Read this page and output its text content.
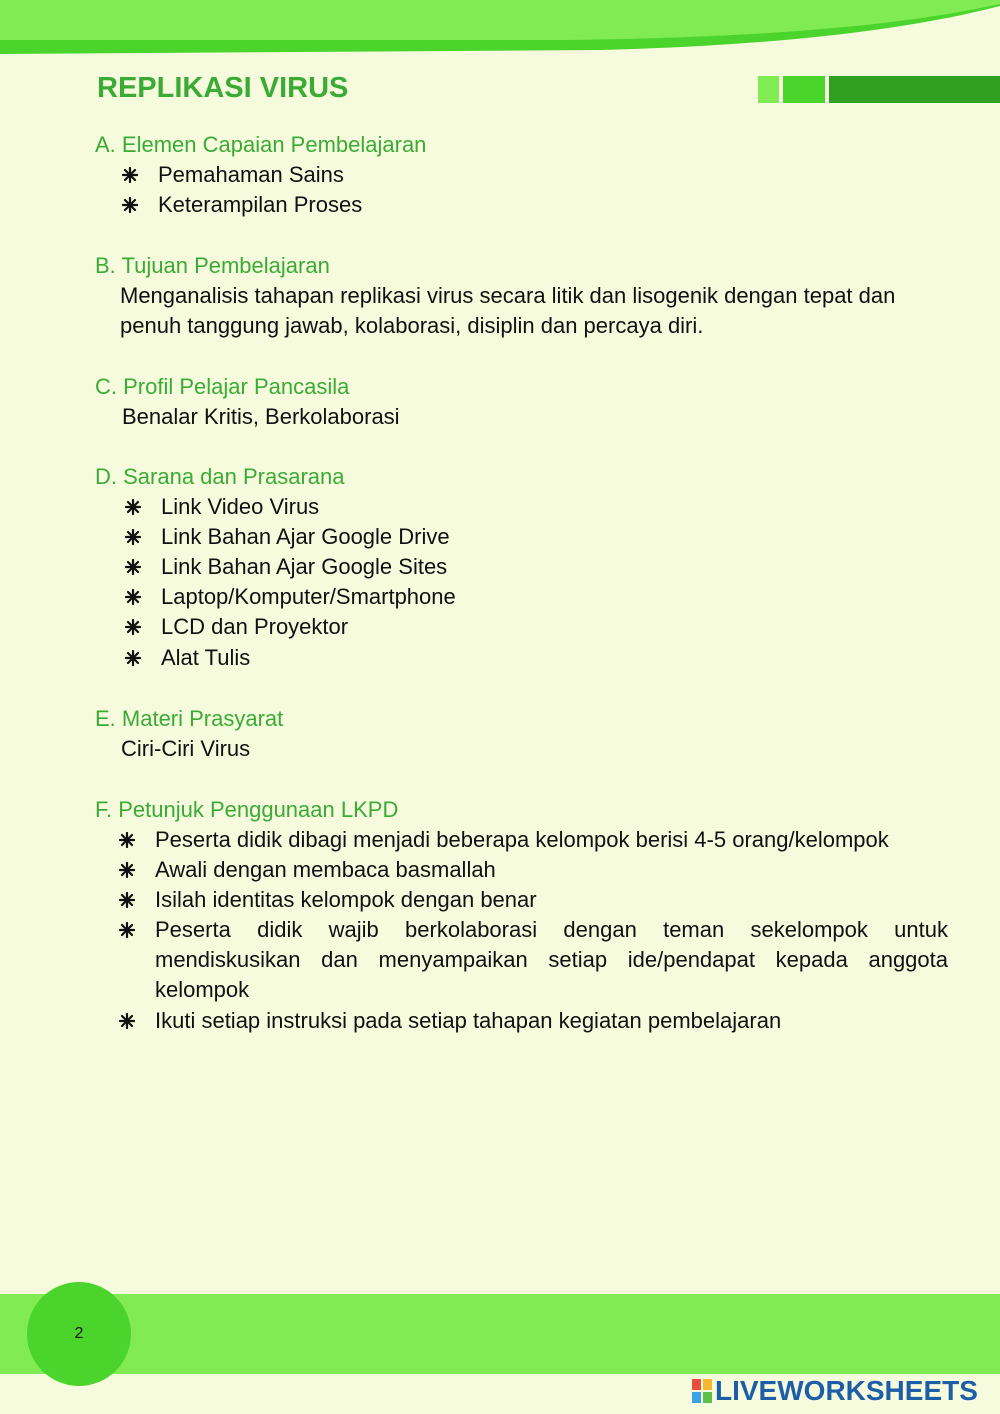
REPLIKASI VIRUS
A. Elemen Capaian Pembelajaran
Pemahaman Sains
Keterampilan Proses
B. Tujuan Pembelajaran
Menganalisis tahapan replikasi virus secara litik dan lisogenik dengan tepat dan
penuh tanggung jawab, kolaborasi, disiplin dan percaya diri.
C. Profil Pelajar Pancasila
Benalar Kritis, Berkolaborasi
D. Sarana dan Prasarana
Link Video Virus
Link Bahan Ajar Google Drive
Link Bahan Ajar Google Sites
Laptop/Komputer/Smartphone
LCD dan Proyektor
Alat Tulis
E. Materi Prasyarat
Ciri-Ciri Virus
F. Petunjuk Penggunaan LKPD
Peserta didik dibagi menjadi beberapa kelompok berisi 4-5 orang/kelompok
Awali dengan membaca basmallah
Isilah identitas kelompok dengan benar
Peserta didik wajib berkolaborasi dengan teman sekelompok untuk mendiskusikan dan menyampaikan setiap ide/pendapat kepada anggota kelompok
Ikuti setiap instruksi pada setiap tahapan kegiatan pembelajaran
2
LIVEWORKSHEETS
